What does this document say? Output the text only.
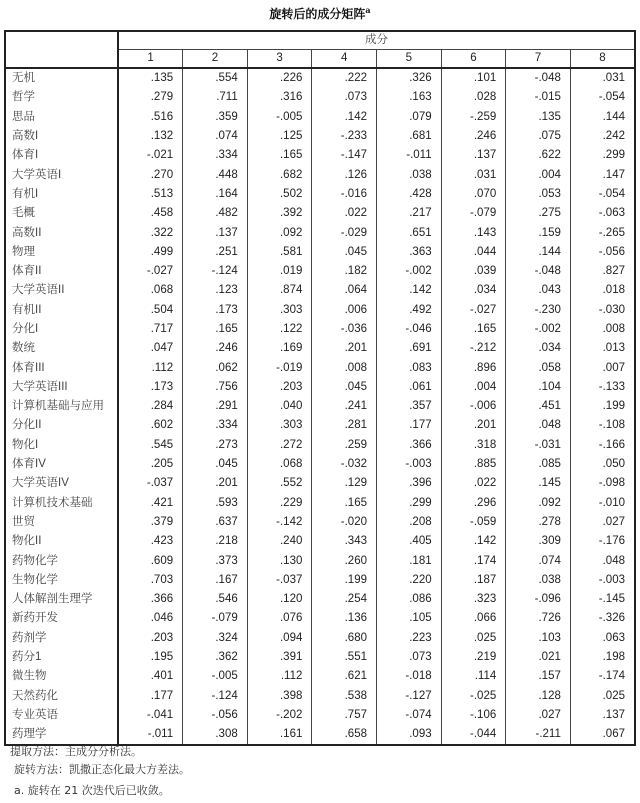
旋转后的成分矩阵$^a$
	成分							
	1	2	3	4	5	6	7	8
无机	.135	.554	.226	.222	.326	.101	-.048	.031
哲学	.279	.711	.316	.073	.163	.028	-.015	-.054
思品	.516	.359	-.005	.142	.079	-.259	.135	.144
高数I	.132	.074	.125	-.233	.681	.246	.075	.242
体育I	-.021	.334	.165	-.147	-.011	.137	.622	.299
大学英语I	.270	.448	.682	.126	.038	.031	.004	.147
有机I	.513	.164	.502	-.016	.428	.070	.053	-.054
毛概	.458	.482	.392	.022	.217	-.079	.275	-.063
高数II	.322	.137	.092	-.029	.651	.143	.159	-.265
物理	.499	.251	.581	.045	.363	.044	.144	-.056
体育II	-.027	-.124	.019	.182	-.002	.039	-.048	.827
大学英语II	.068	.123	.874	.064	.142	.034	.043	.018
有机II	.504	.173	.303	.006	.492	-.027	-.230	-.030
分化I	.717	.165	.122	-.036	-.046	.165	-.002	.008
数统	.047	.246	.169	.201	.691	-.212	.034	.013
体育III	.112	.062	-.019	.008	.083	.896	.058	.007
大学英语III	.173	.756	.203	.045	.061	.004	.104	-.133
计算机基础与应用	.284	.291	.040	.241	.357	-.006	.451	.199
分化II	.602	.334	.303	.281	.177	.201	.048	-.108
物化I	.545	.273	.272	.259	.366	.318	-.031	-.166
体育IV	.205	.045	.068	-.032	-.003	.885	.085	.050
大学英语IV	-.037	.201	.552	.129	.396	.022	.145	-.098
计算机技术基础	.421	.593	.229	.165	.299	.296	.092	-.010
世贸	.379	.637	-.142	-.020	.208	-.059	.278	.027
物化II	.423	.218	.240	.343	.405	.142	.309	-.176
药物化学	.609	.373	.130	.260	.181	.174	.074	.048
生物化学	.703	.167	-.037	.199	.220	.187	.038	-.003
人体解剖生理学	.366	.546	.120	.254	.086	.323	-.096	-.145
新药开发	.046	-.079	.076	.136	.105	.066	.726	-.326
药剂学	.203	.324	.094	.680	.223	.025	.103	.063
药分1	.195	.362	.391	.551	.073	.219	.021	.198
微生物	.401	-.005	.112	.621	-.018	.114	.157	-.174
天然药化	.177	-.124	.398	.538	-.127	-.025	.128	.025
专业英语	-.041	-.056	-.202	.757	-.074	-.106	.027	.137
药理学	-.011	.308	.161	.658	.093	-.044	-.211	.067
提取方法：主成分分析法。
旋转方法：凯撒正态化最大方差法。
a. 旋转在 21 次迭代后已收敛。
